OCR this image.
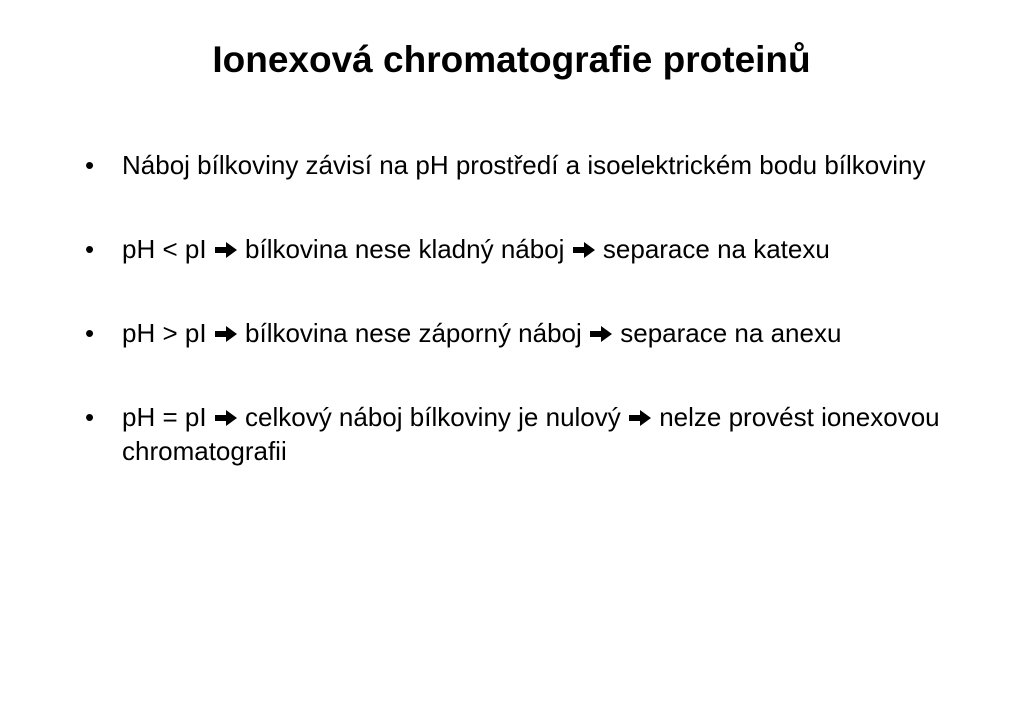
Ionexová chromatografie proteinů
•	Náboj bílkoviny závisí na pH prostředí a isoelektrickém bodu bílkoviny
•	pH < pI
bílkovina nese kladný náboj
separace na katexu
•	pH > pI
bílkovina nese záporný náboj
separace na anexu
•	pH = pI
celkový náboj bílkoviny je nulový
nelze provést ionexovou chromatografii
